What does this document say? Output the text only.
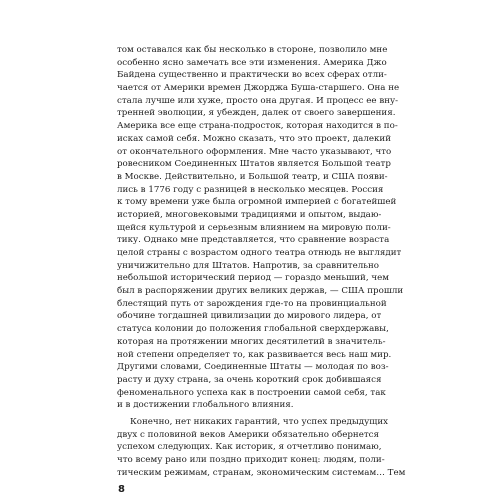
том оставался как бы несколько в стороне, позволило мне
особенно ясно замечать все эти изменения. Америка Джо
Байдена существенно и практически во всех сферах отли-
чается от Америки времен Джорджа Буша-старшего. Она не
стала лучше или хуже, просто она другая. И процесс ее вну-
тренней эволюции, я убежден, далек от своего завершения.
Америка все еще страна-подросток, которая находится в по-
исках самой себя. Можно сказать, что это проект, далекий
от окончательного оформления. Мне часто указывают, что
ровесником Соединенных Штатов является Большой театр
в Москве. Действительно, и Большой театр, и США появи-
лись в 1776 году с разницей в несколько месяцев. Россия
к тому времени уже была огромной империей с богатейшей
историей, многовековыми традициями и опытом, выдаю-
щейся культурой и серьезным влиянием на мировую поли-
тику. Однако мне представляется, что сравнение возраста
целой страны с возрастом одного театра отнюдь не выглядит
уничижительно для Штатов. Напротив, за сравнительно
небольшой исторический период — гораздо меньший, чем
был в распоряжении других великих держав, — США прошли
блестящий путь от зарождения где-то на провинциальной
обочине тогдашней цивилизации до мирового лидера, от
статуса колонии до положения глобальной сверхдержавы,
которая на протяжении многих десятилетий в значитель-
ной степени определяет то, как развивается весь наш мир.
Другими словами, Соединенные Штаты — молодая по воз-
расту и духу страна, за очень короткий срок добившаяся
феноменального успеха как в построении самой себя, так
и в достижении глобального влияния.
Конечно, нет никаких гарантий, что успех предыдущих
двух с половиной веков Америки обязательно обернется
успехом следующих. Как историк, я отчетливо понимаю,
что всему рано или поздно приходит конец: людям, поли-
тическим режимам, странам, экономическим системам… Тем
8
